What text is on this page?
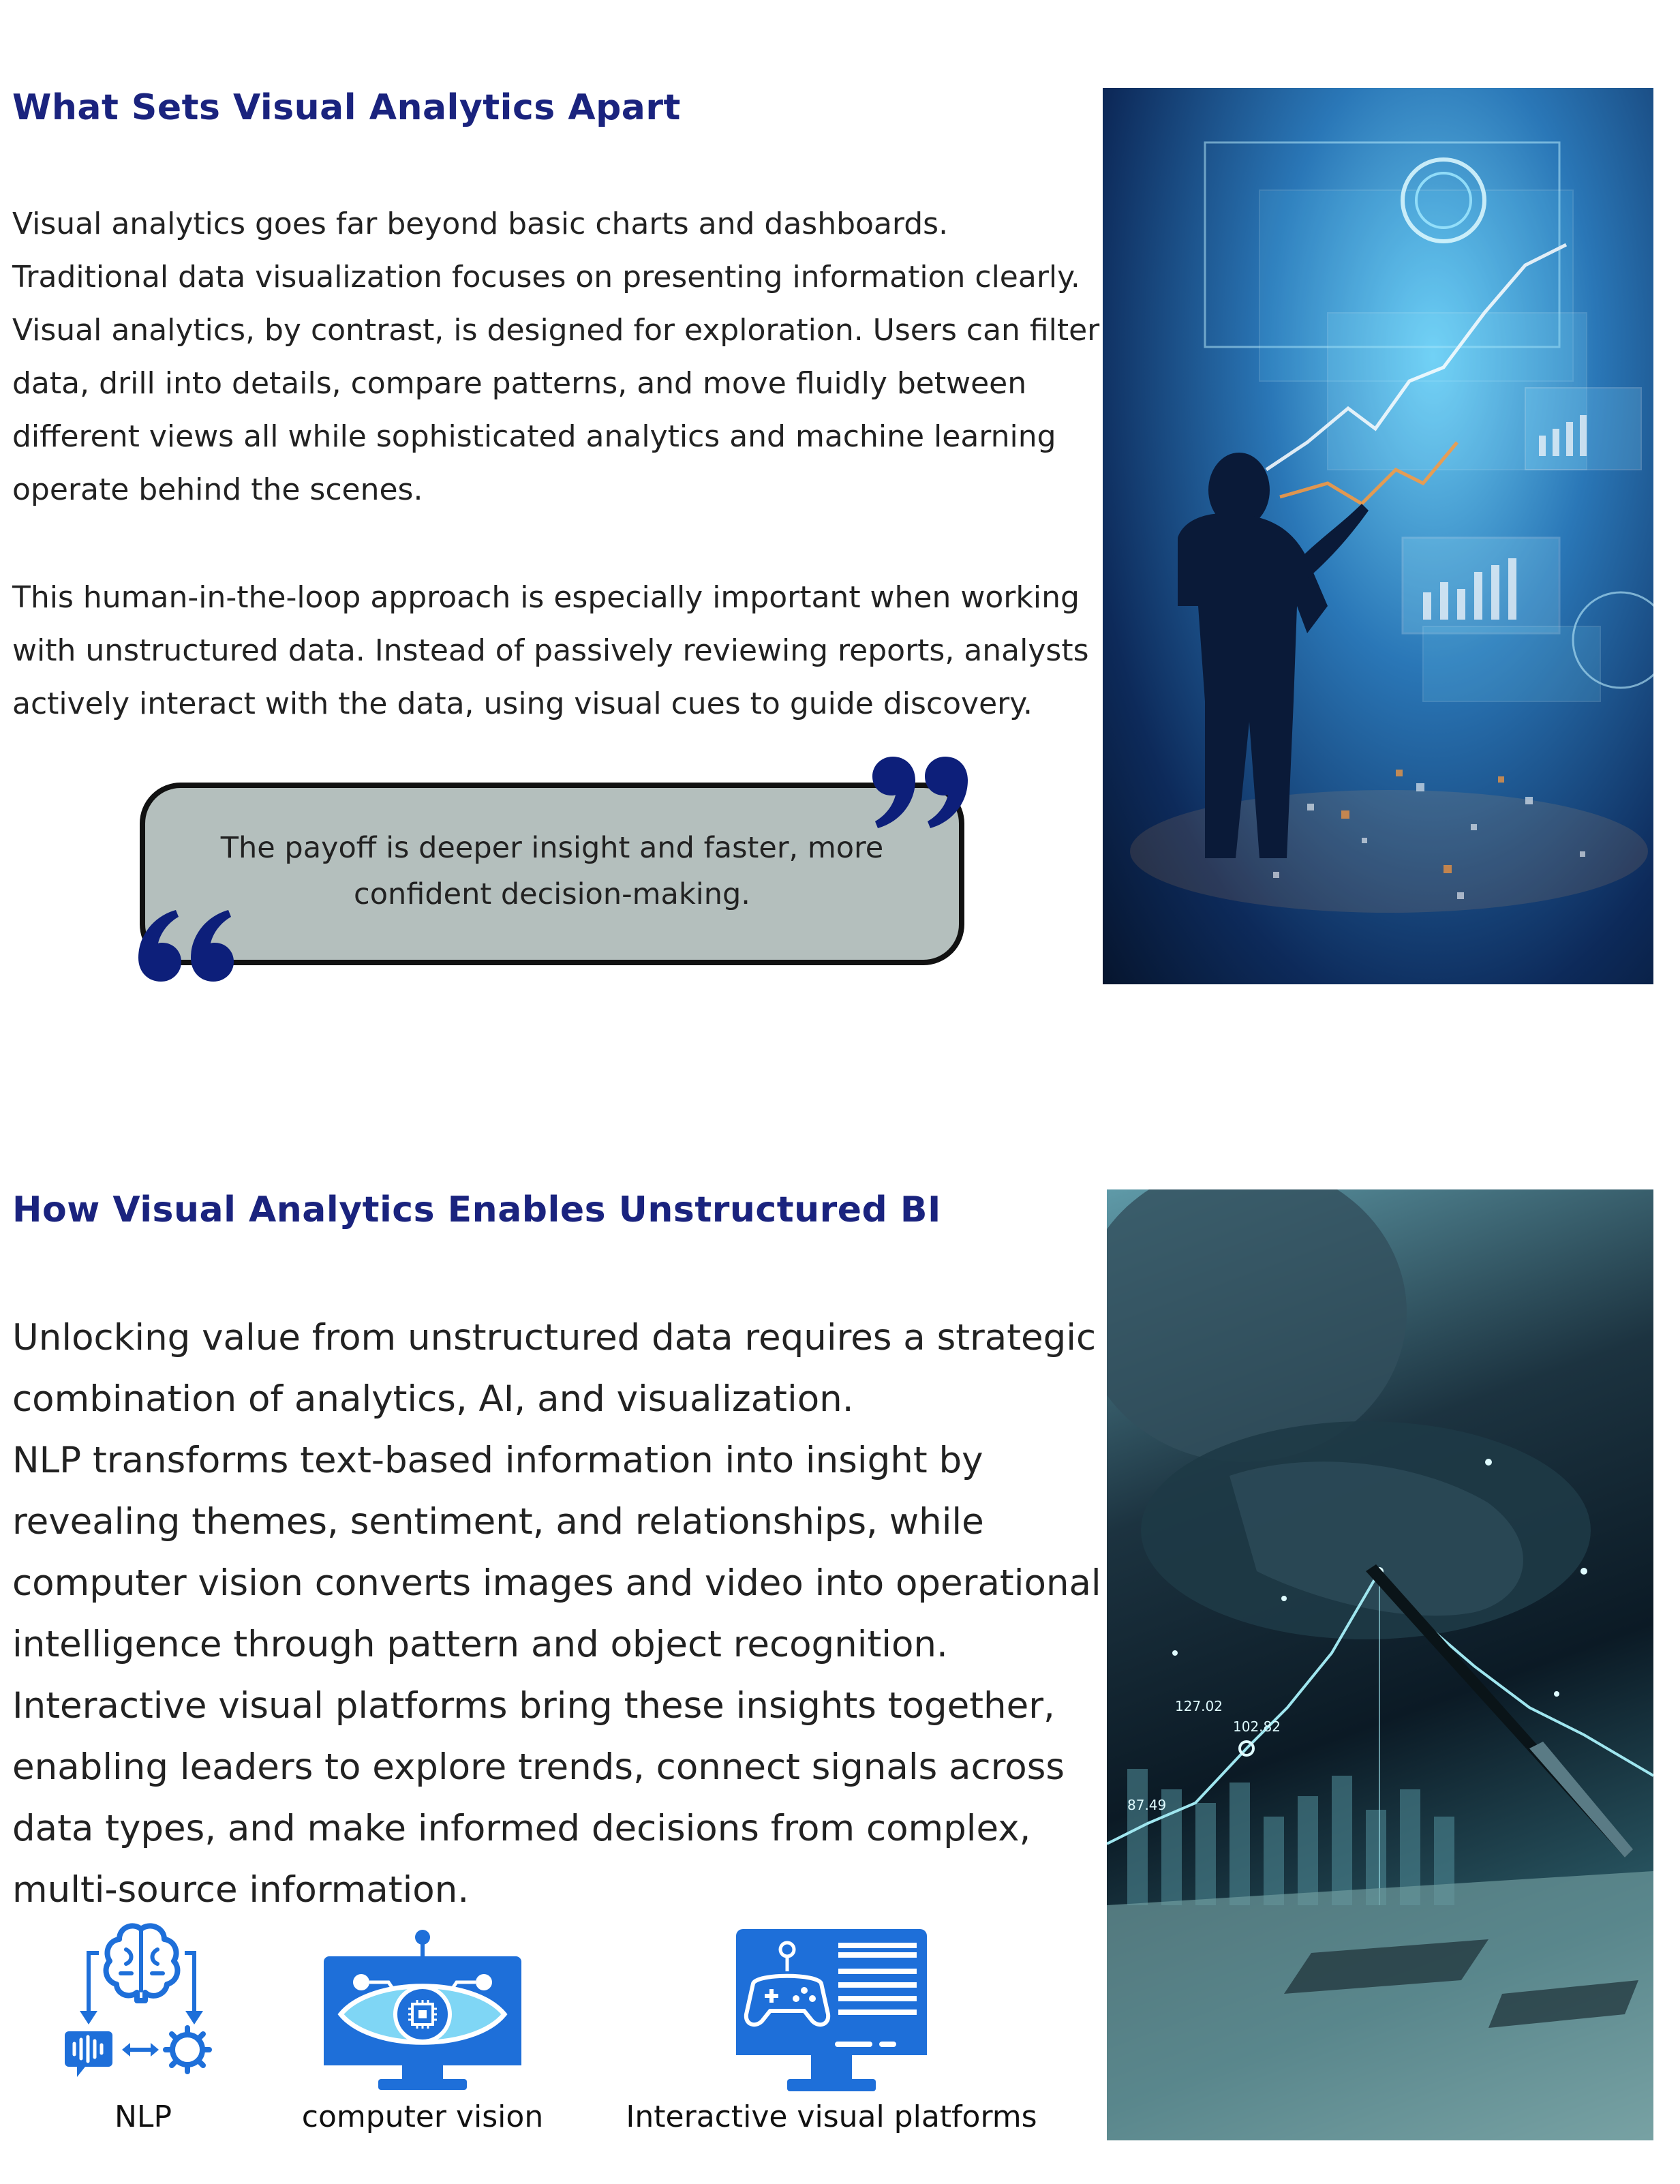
What Sets Visual Analytics Apart

Visual analytics goes far beyond basic charts and dashboards. Traditional data visualization focuses on presenting information clearly. Visual analytics, by contrast, is designed for exploration. Users can filter data, drill into details, compare patterns, and move fluidly between different views all while sophisticated analytics and machine learning operate behind the scenes.

This human-in-the-loop approach is especially important when working with unstructured data. Instead of passively reviewing reports, analysts actively interact with the data, using visual cues to guide discovery.

The payoff is deeper insight and faster, more confident decision-making.

How Visual Analytics Enables Unstructured BI

Unlocking value from unstructured data requires a strategic combination of analytics, AI, and visualization.
NLP transforms text-based information into insight by revealing themes, sentiment, and relationships, while computer vision converts images and video into operational intelligence through pattern and object recognition.
Interactive visual platforms bring these insights together, enabling leaders to explore trends, connect signals across data types, and make informed decisions from complex, multi-source information.

127.02
102.82
87.49

NLP	computer vision	Interactive visual platforms
